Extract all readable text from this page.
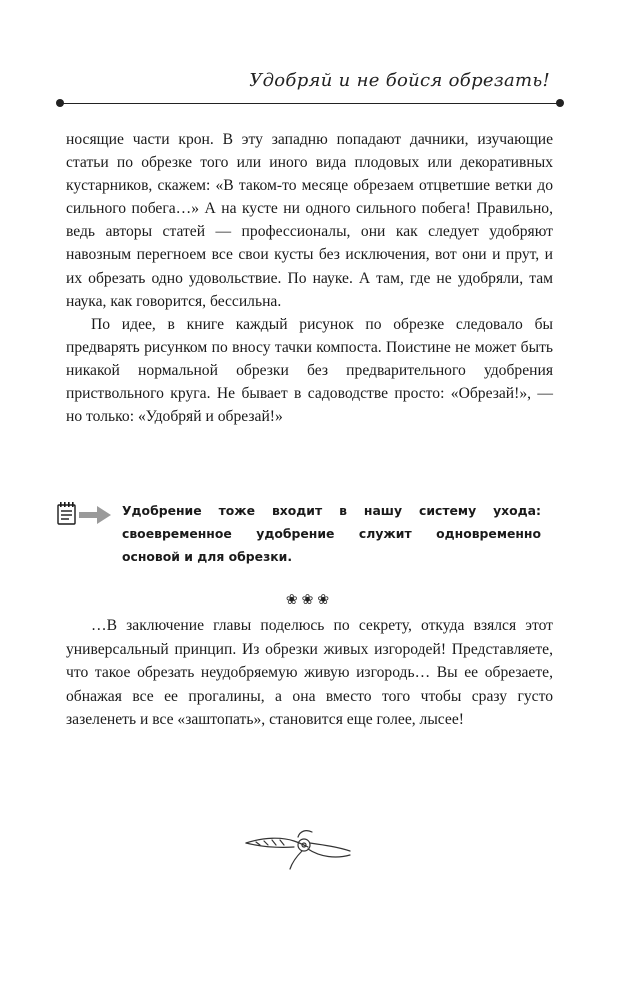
Удобряй и не бойся обрезать!

носящие части крон. В эту западню попадают дачники, изучающие статьи по обрезке того или иного вида плодовых или декоративных кустарников, скажем: «В таком-то месяце обрезаем отцветшие ветки до сильного побега…» А на кусте ни одного сильного побега! Правильно, ведь авторы статей — профессионалы, они как следует удобряют навозным перегноем все свои кусты без исключения, вот они и прут, и их обрезать одно удовольствие. По науке. А там, где не удобряли, там наука, как говорится, бессильна.

По идее, в книге каждый рисунок по обрезке следовало бы предварять рисунком по вносу тачки компоста. Поистине не может быть никакой нормальной обрезки без предварительного удобрения приствольного круга. Не бывает в садоводстве просто: «Обрезай!», — но только: «Удобряй и обрезай!»

Удобрение тоже входит в нашу систему ухода: своевременное удобрение служит одновременно основой и для обрезки.
❀❀❀

…В заключение главы поделюсь по секрету, откуда взялся этот универсальный принцип. Из обрезки живых изгородей! Представляете, что такое обрезать неудобряемую живую изгородь… Вы ее обрезаете, обнажая все ее прогалины, а она вместо того чтобы сразу густо зазеленеть и все «заштопать», становится еще голее, лысее!
